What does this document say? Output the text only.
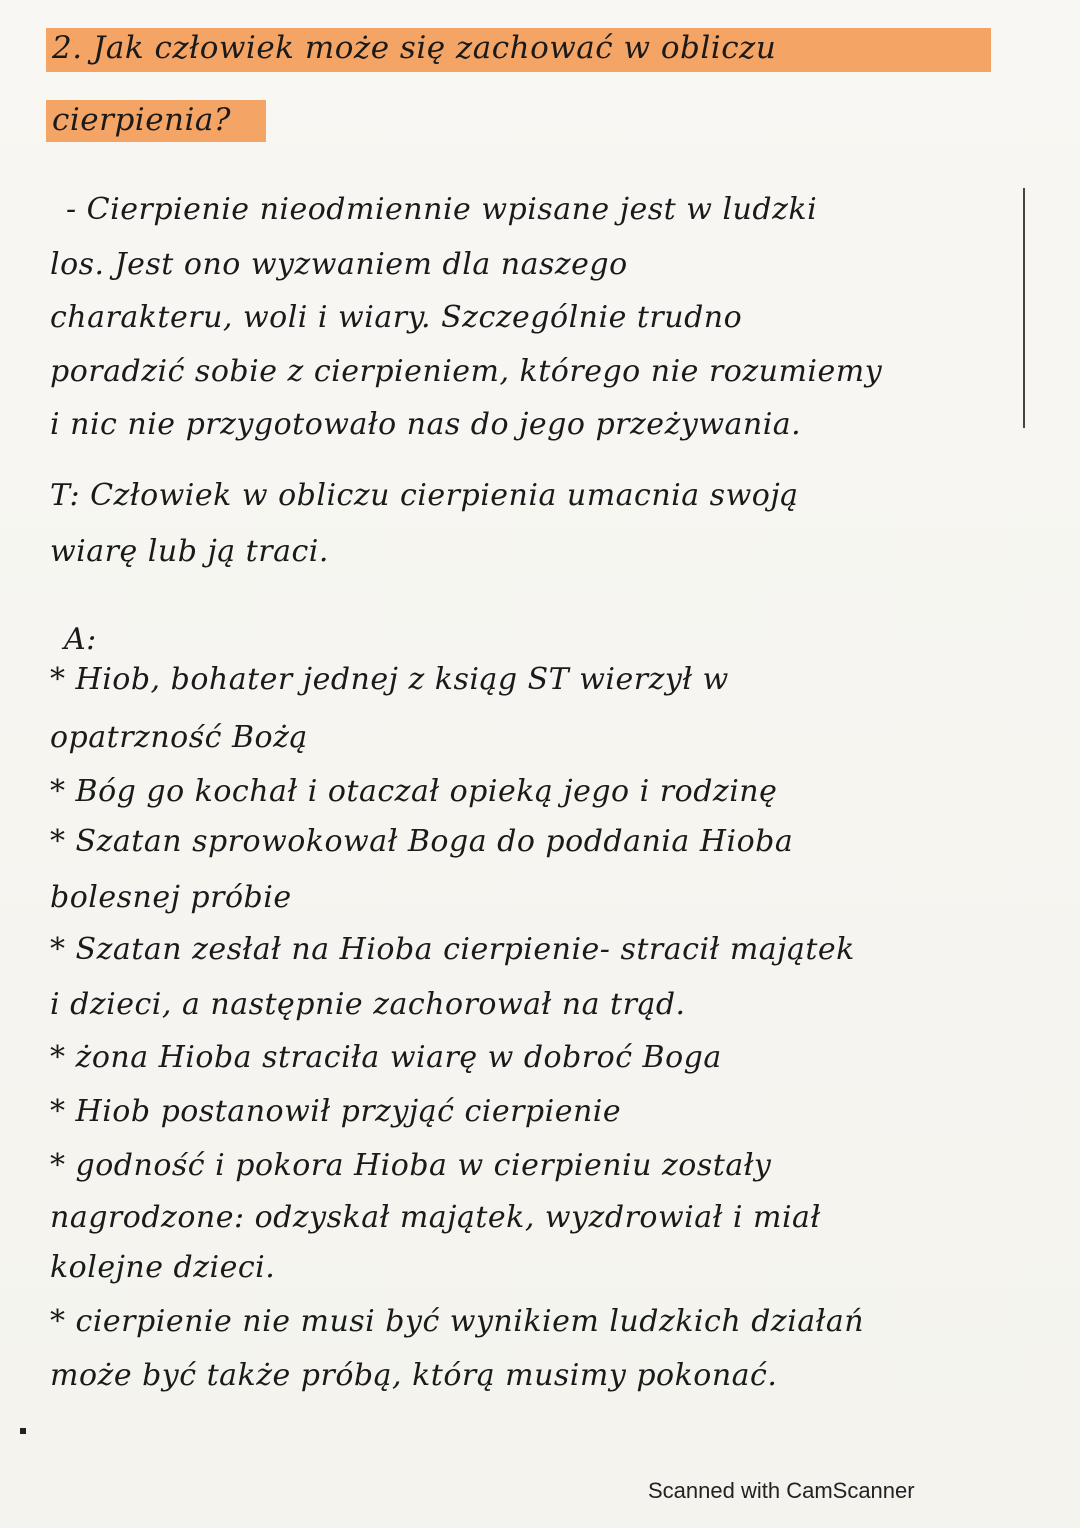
2. Jak człowiek może się zachować w obliczu
cierpienia?
- Cierpienie nieodmiennie wpisane jest w ludzki
los. Jest ono wyzwaniem dla naszego
charakteru, woli i wiary. Szczególnie trudno
poradzić sobie z cierpieniem, którego nie rozumiemy
i nic nie przygotowało nas do jego przeżywania.
T: Człowiek w obliczu cierpienia umacnia swoją
wiarę lub ją traci.
A:
* Hiob, bohater jednej z ksiąg ST wierzył w
opatrzność Bożą
* Bóg go kochał i otaczał opieką jego i rodzinę
* Szatan sprowokował Boga do poddania Hioba
bolesnej próbie
* Szatan zesłał na Hioba cierpienie- stracił majątek
i dzieci, a następnie zachorował na trąd.
* żona Hioba straciła wiarę w dobroć Boga
* Hiob postanowił przyjąć cierpienie
* godność i pokora Hioba w cierpieniu zostały
nagrodzone: odzyskał majątek, wyzdrowiał i miał
kolejne dzieci.
* cierpienie nie musi być wynikiem ludzkich działań
może być także próbą, którą musimy pokonać.
Scanned with CamScanner
